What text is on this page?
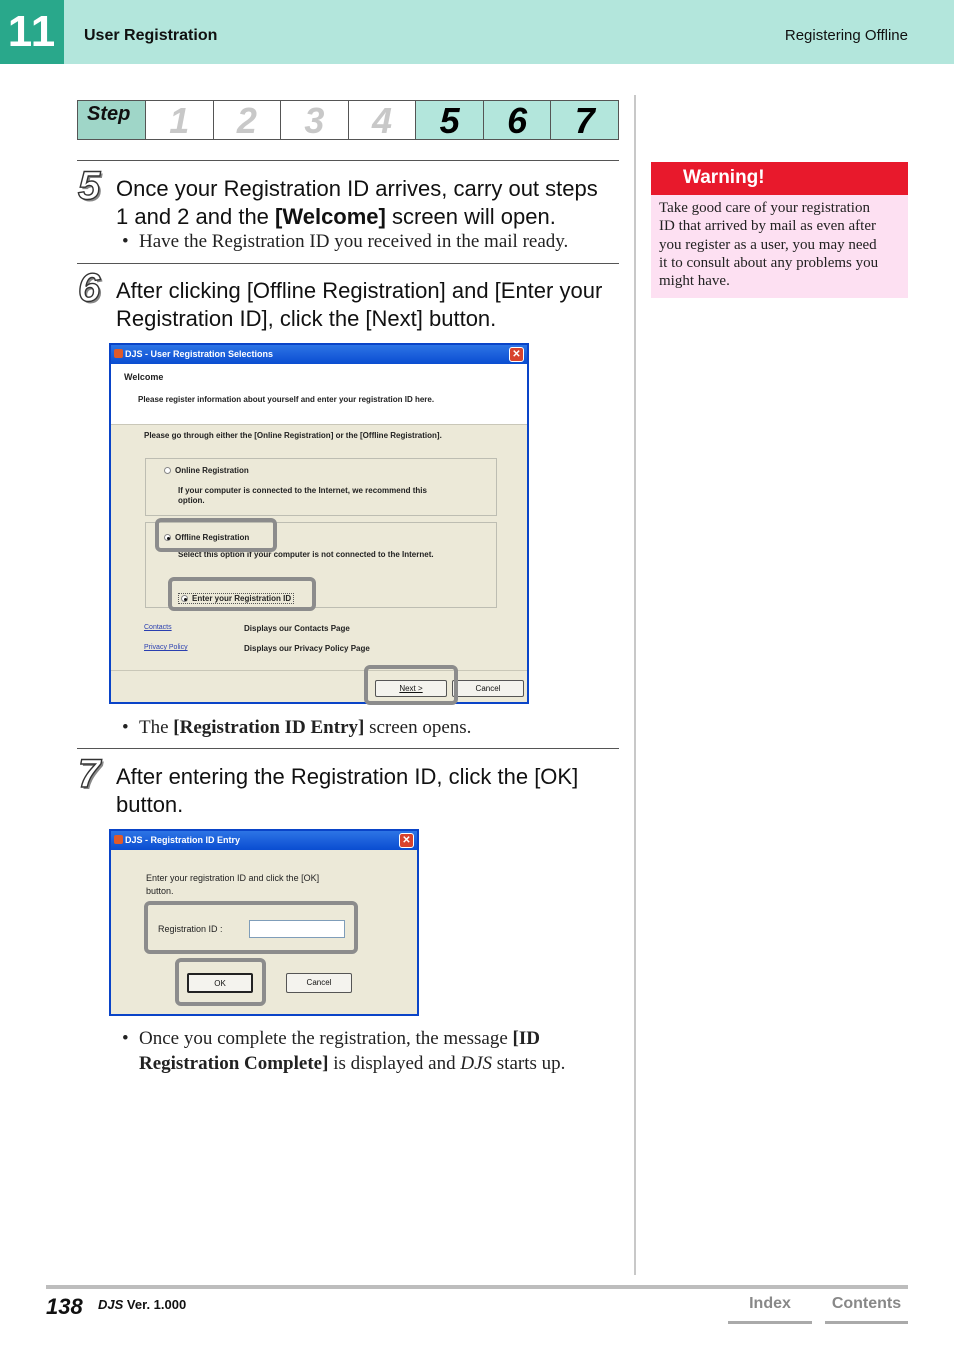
11	User Registration	Registering Offline
Step	1	2	3	4	5	6	7
5 Once your Registration ID arrives, carry out steps
1 and 2 and the [Welcome] screen will open.
• Have the Registration ID you received in the mail ready.
6 After clicking [Offline Registration] and [Enter your
Registration ID], click the [Next] button.
DJS - User Registration Selections	✕
Welcome
Please register information about yourself and enter your registration ID here.
Please go through either the [Online Registration] or the [Offline Registration].
Online Registration
If your computer is connected to the Internet, we recommend this
option.
Offline Registration
Select this option if your computer is not connected to the Internet.
Enter your Registration ID
Contacts	Displays our Contacts Page
Privacy Policy	Displays our Privacy Policy Page
Next >	Cancel
• The [Registration ID Entry] screen opens.
7 After entering the Registration ID, click the [OK]
button.
DJS - Registration ID Entry	✕
Enter your registration ID and click the [OK]
button.
Registration ID :
OK	Cancel
• Once you complete the registration, the message [ID
Registration Complete] is displayed and DJS starts up.
Warning!
Take good care of your registration
ID that arrived by mail as even after
you register as a user, you may need
it to consult about any problems you
might have.
138 DJS Ver. 1.000	Index	Contents
